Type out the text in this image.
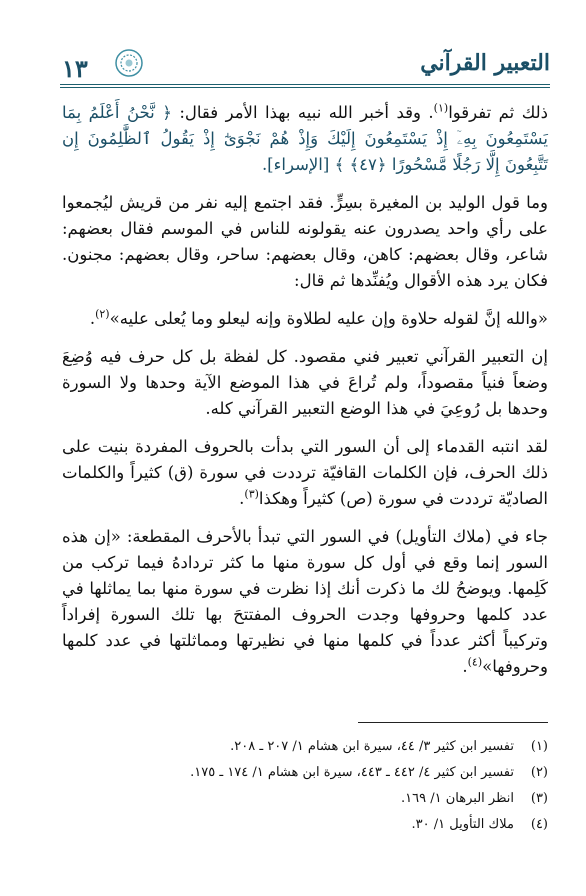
التعبير القرآني
١٣

ذلك ثم تفرقوا$^{(١)}$. وقد أخبر الله نبيه بهذا الأمر فقال: ﴿ نَّحْنُ أَعْلَمُ بِمَا يَسْتَمِعُونَ بِهِۦٓ إِذْ يَسْتَمِعُونَ إِلَيْكَ وَإِذْ هُمْ نَجْوَىٰٓ إِذْ يَقُولُ ٱلظَّٰلِمُونَ إِن تَتَّبِعُونَ إِلَّا رَجُلًا مَّسْحُورًا ﴿٤٧﴾ ﴾ [الإسراء].

وما قول الوليد بن المغيرة بسِرٍّ. فقد اجتمع إليه نفر من قريش ليُجمعوا على رأي واحد يصدرون عنه يقولونه للناس في الموسم فقال بعضهم: شاعر، وقال بعضهم: كاهن، وقال بعضهم: ساحر، وقال بعضهم: مجنون. فكان يرد هذه الأقوال ويُفنِّدها ثم قال:

«والله إنَّ لقوله حلاوة وإن عليه لطلاوة وإنه ليعلو وما يُعلى عليه»$^{(٢)}$.

إن التعبير القرآني تعبير فني مقصود. كل لفظة بل كل حرف فيه وُضِعَ وضعاً فنياً مقصوداً، ولم تُراعَ في هذا الموضع الآية وحدها ولا السورة وحدها بل رُوعِيَ في هذا الوضع التعبير القرآني كله.

لقد انتبه القدماء إلى أن السور التي بدأت بالحروف المفردة بنيت على ذلك الحرف، فإن الكلمات القافيّة ترددت في سورة (ق) كثيراً والكلمات الصاديّة ترددت في سورة (ص) كثيراً وهكذا$^{(٣)}$.

جاء في (ملاك التأويل) في السور التي تبدأ بالأحرف المقطعة: «إن هذه السور إنما وقع في أول كل سورة منها ما كثر تردادهُ فيما تركب من كَلِمها. ويوضحُ لك ما ذكرت أنك إذا نظرت في سورة منها بما يماثلها في عدد كلمها وحروفها وجدت الحروف المفتتحَ بها تلك السورة إفراداً وتركيباً أكثر عدداً في كلمها منها في نظيرتها ومماثلتها في عدد كلمها وحروفها»$^{(٤)}$.

(١)
تفسير ابن كثير ٣/ ٤٤، سيرة ابن هشام ١/ ٢٠٧ ـ ٢٠٨.
(٢)
تفسير ابن كثير ٤/ ٤٤٢ ـ ٤٤٣، سيرة ابن هشام ١/ ١٧٤ ـ ١٧٥.
(٣)
انظر البرهان ١/ ١٦٩.
(٤)
ملاك التأويل ١/ ٣٠.
